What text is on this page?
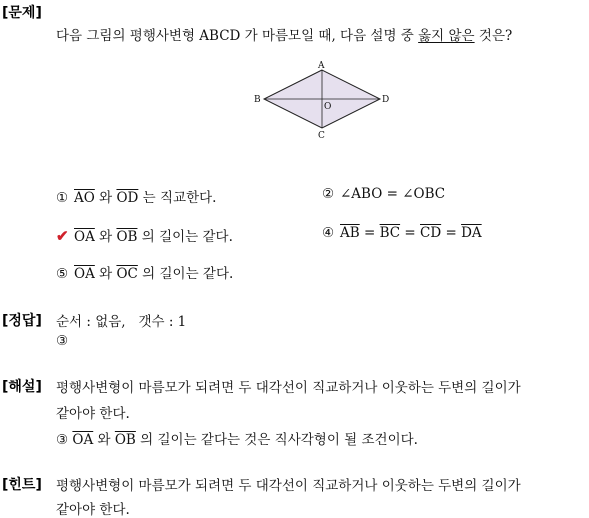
[문제]
다음 그림의 평행사변형 ABCD 가 마름모일 때, 다음 설명 중 옳지 않은 것은?
A
B
C
D
O
① $\overline{AO}$ 와 $\overline{OD}$ 는 직교한다.	② ∠ABO = ∠OBC
✔ $\overline{OA}$ 와 $\overline{OB}$ 의 길이는 같다.	④ $\overline{AB} = \overline{BC} = \overline{CD} = \overline{DA}$
⑤ $\overline{OA}$ 와 $\overline{OC}$ 의 길이는 같다.
[정답] 순서 : 없음,   갯수 : 1
③
[해설] 평행사변형이 마름모가 되려면 두 대각선이 직교하거나 이웃하는 두변의 길이가
같아야 한다.
③ $\overline{OA}$ 와 $\overline{OB}$ 의 길이는 같다는 것은 직사각형이 될 조건이다.
[힌트] 평행사변형이 마름모가 되려면 두 대각선이 직교하거나 이웃하는 두변의 길이가
같아야 한다.
